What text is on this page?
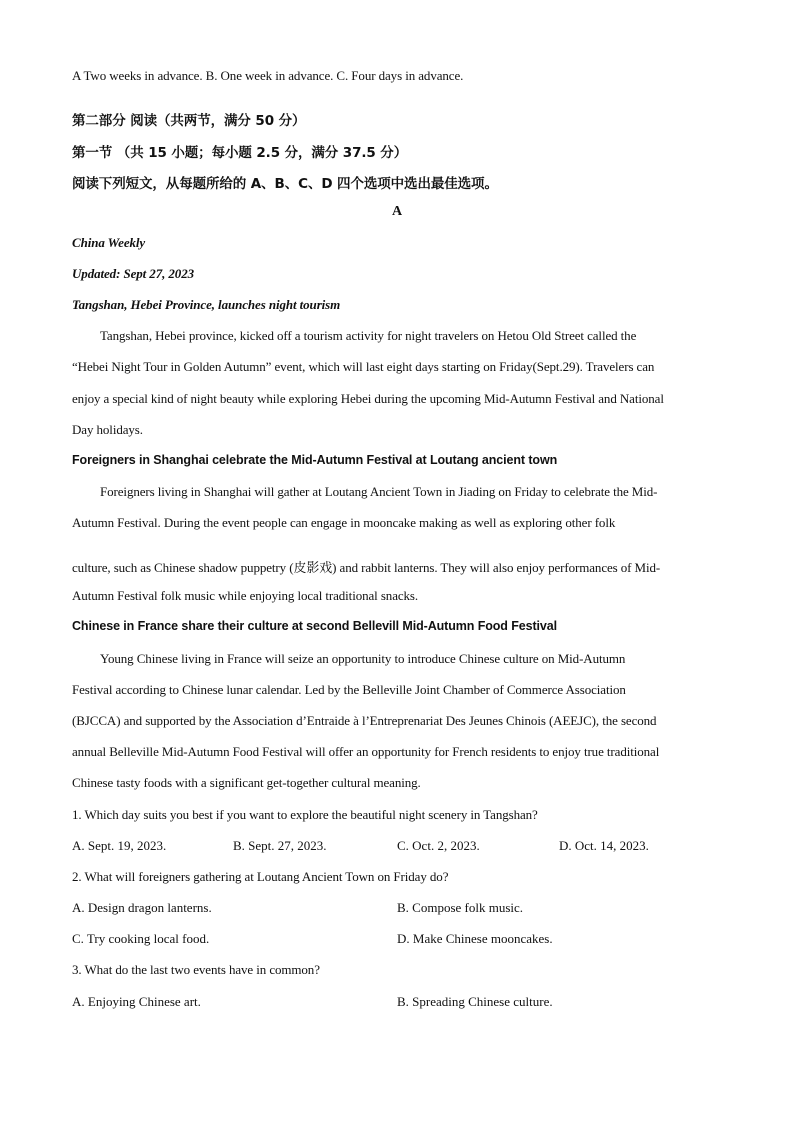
A Two weeks in advance. B. One week in advance. C. Four days in advance.
第二部分 阅读（共两节，满分 50 分）
第一节 （共 15 小题；每小题 2.5 分，满分 37.5 分）
阅读下列短文，从每题所给的 A、B、C、D 四个选项中选出最佳选项。
A
China Weekly
Updated: Sept 27, 2023
Tangshan, Hebei Province, launches night tourism
Tangshan, Hebei province, kicked off a tourism activity for night travelers on Hetou Old Street called the
“Hebei Night Tour in Golden Autumn” event, which will last eight days starting on Friday(Sept.29). Travelers can
enjoy a special kind of night beauty while exploring Hebei during the upcoming Mid-Autumn Festival and National
Day holidays.
Foreigners in Shanghai celebrate the Mid-Autumn Festival at Loutang ancient town
Foreigners living in Shanghai will gather at Loutang Ancient Town in Jiading on Friday to celebrate the Mid-
Autumn Festival. During the event people can engage in mooncake making as well as exploring other folk
culture, such as Chinese shadow puppetry (皮影戏) and rabbit lanterns. They will also enjoy performances of Mid-
Autumn Festival folk music while enjoying local traditional snacks.
Chinese in France share their culture at second Bellevill Mid-Autumn Food Festival
Young Chinese living in France will seize an opportunity to introduce Chinese culture on Mid-Autumn
Festival according to Chinese lunar calendar. Led by the Belleville Joint Chamber of Commerce Association
(BJCCA) and supported by the Association d’Entraide à l’Entreprenariat Des Jeunes Chinois (AEEJC), the second
annual Belleville Mid-Autumn Food Festival will offer an opportunity for French residents to enjoy true traditional
Chinese tasty foods with a significant get-together cultural meaning.
1. Which day suits you best if you want to explore the beautiful night scenery in Tangshan?
A. Sept. 19, 2023.	B. Sept. 27, 2023.	C. Oct. 2, 2023.	D. Oct. 14, 2023.
2. What will foreigners gathering at Loutang Ancient Town on Friday do?
A. Design dragon lanterns.	B. Compose folk music.
C. Try cooking local food.	D. Make Chinese mooncakes.
3. What do the last two events have in common?
A. Enjoying Chinese art.	B. Spreading Chinese culture.
